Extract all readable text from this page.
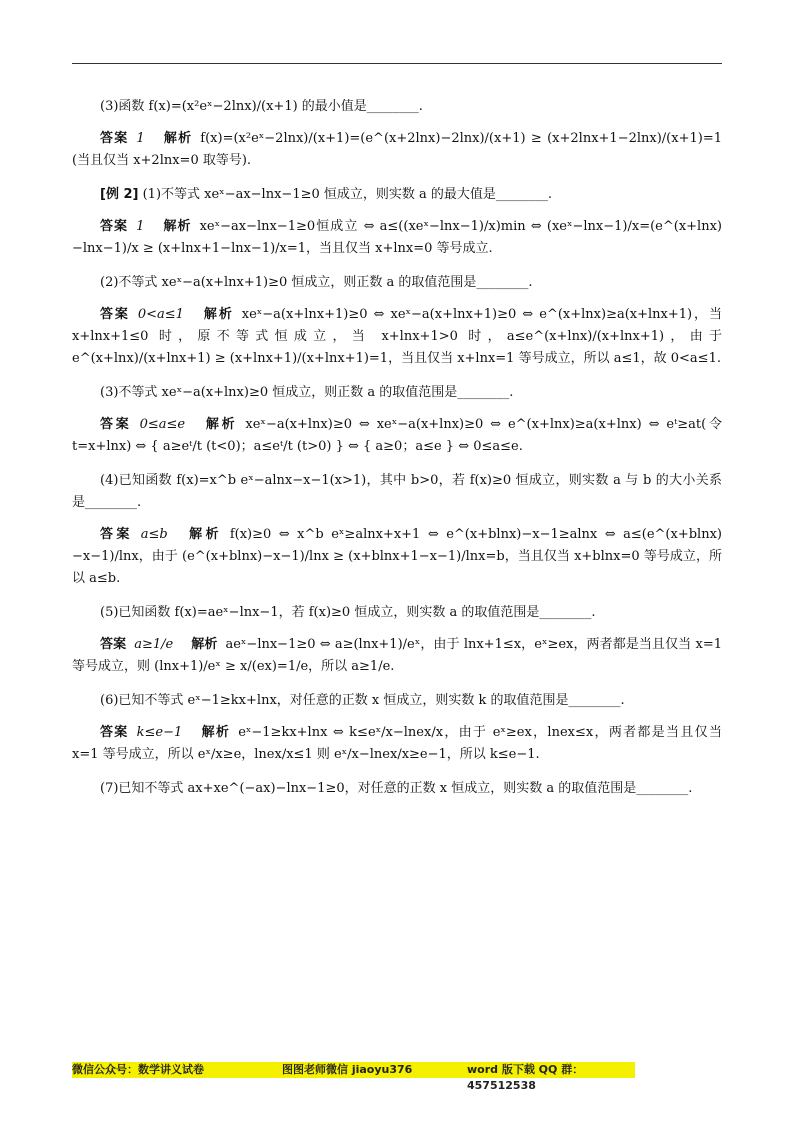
(3)函数 f(x)=(x²eˣ−2lnx)/(x+1) 的最小值是________.

答案 1 解析 f(x)=(x²eˣ−2lnx)/(x+1)=(e^(x+2lnx)−2lnx)/(x+1) ≥ (x+2lnx+1−2lnx)/(x+1)=1 (当且仅当 x+2lnx=0 取等号).

[例 2] (1)不等式 xeˣ−ax−lnx−1≥0 恒成立，则实数 a 的最大值是________.

答案 1 解析 xeˣ−ax−lnx−1≥0恒成立 ⇔ a≤((xeˣ−lnx−1)/x)min ⇔ (xeˣ−lnx−1)/x=(e^(x+lnx)−lnx−1)/x ≥ (x+lnx+1−lnx−1)/x=1，当且仅当 x+lnx=0 等号成立.

(2)不等式 xeˣ−a(x+lnx+1)≥0 恒成立，则正数 a 的取值范围是________.

答案 0<a≤1 解析 xeˣ−a(x+lnx+1)≥0 ⇔ xeˣ−a(x+lnx+1)≥0 ⇔ e^(x+lnx)≥a(x+lnx+1)，当 x+lnx+1≤0 时，原不等式恒成立，当 x+lnx+1>0 时，a≤e^(x+lnx)/(x+lnx+1)，由于 e^(x+lnx)/(x+lnx+1) ≥ (x+lnx+1)/(x+lnx+1)=1，当且仅当 x+lnx=1 等号成立，所以 a≤1，故 0<a≤1.

(3)不等式 xeˣ−a(x+lnx)≥0 恒成立，则正数 a 的取值范围是________.

答案 0≤a≤e 解析 xeˣ−a(x+lnx)≥0 ⇔ xeˣ−a(x+lnx)≥0 ⇔ e^(x+lnx)≥a(x+lnx) ⇔ eᵗ≥at(令 t=x+lnx) ⇔ { a≥eᵗ/t (t<0)；a≤eᵗ/t (t>0) } ⇔ { a≥0；a≤e } ⇔ 0≤a≤e.

(4)已知函数 f(x)=x^b eˣ−alnx−x−1(x>1)，其中 b>0，若 f(x)≥0 恒成立，则实数 a 与 b 的大小关系是________.

答案 a≤b 解析 f(x)≥0 ⇔ x^b eˣ≥alnx+x+1 ⇔ e^(x+blnx)−x−1≥alnx ⇔ a≤(e^(x+blnx)−x−1)/lnx，由于 (e^(x+blnx)−x−1)/lnx ≥ (x+blnx+1−x−1)/lnx=b，当且仅当 x+blnx=0 等号成立，所以 a≤b.

(5)已知函数 f(x)=aeˣ−lnx−1，若 f(x)≥0 恒成立，则实数 a 的取值范围是________.

答案 a≥1/e 解析 aeˣ−lnx−1≥0 ⇔ a≥(lnx+1)/eˣ，由于 lnx+1≤x，eˣ≥ex，两者都是当且仅当 x=1 等号成立，则 (lnx+1)/eˣ ≥ x/(ex)=1/e，所以 a≥1/e.

(6)已知不等式 eˣ−1≥kx+lnx，对任意的正数 x 恒成立，则实数 k 的取值范围是________.

答案 k≤e−1 解析 eˣ−1≥kx+lnx ⇔ k≤eˣ/x−lnex/x，由于 eˣ≥ex，lnex≤x，两者都是当且仅当 x=1 等号成立，所以 eˣ/x≥e，lnex/x≤1 则 eˣ/x−lnex/x≥e−1，所以 k≤e−1.

(7)已知不等式 ax+xe^(−ax)−lnx−1≥0，对任意的正数 x 恒成立，则实数 a 的取值范围是________.

微信公众号：数学讲义试卷	图图老师微信 jiaoyu376	word 版下载 QQ 群：457512538
